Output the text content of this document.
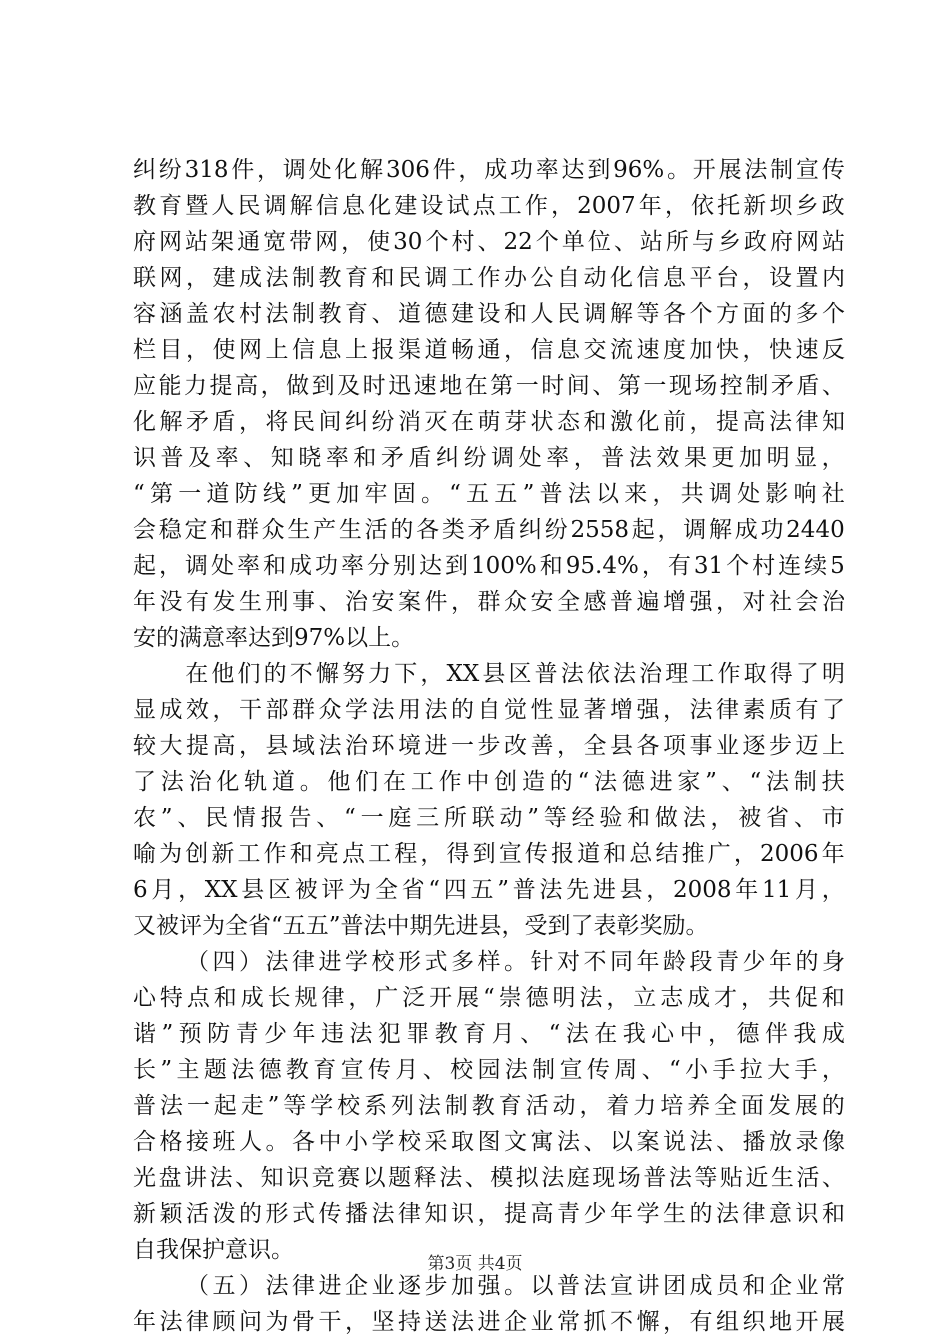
纠 纷 318 件 ， 调 处 化 解 306 件 ， 成 功 率 达 到 96% 。 开 展 法 制 宣 传
教 育 暨 人 民 调 解 信 息 化 建 设 试 点 工 作 ， 2007 年 ， 依 托 新 坝 乡 政
府 网 站 架 通 宽 带 网 ， 使 30 个 村 、 22 个 单 位 、 站 所 与 乡 政 府 网 站
联 网 ， 建 成 法 制 教 育 和 民 调 工 作 办 公 自 动 化 信 息 平 台 ， 设 置 内
容 涵 盖 农 村 法 制 教 育 、 道 德 建 设 和 人 民 调 解 等 各 个 方 面 的 多 个
栏 目 ， 使 网 上 信 息 上 报 渠 道 畅 通 ， 信 息 交 流 速 度 加 快 ， 快 速 反
应 能 力 提 高 ， 做 到 及 时 迅 速 地 在 第 一 时 间 、 第 一 现 场 控 制 矛 盾 、
化 解 矛 盾 ， 将 民 间 纠 纷 消 灭 在 萌 芽 状 态 和 激 化 前 ， 提 高 法 律 知
识 普 及 率 、 知 晓 率 和 矛 盾 纠 纷 调 处 率 ， 普 法 效 果 更 加 明 显 ，
“ 第 一 道 防 线 ” 更 加 牢 固 。 “ 五 五 ” 普 法 以 来 ， 共 调 处 影 响 社
会 稳 定 和 群 众 生 产 生 活 的 各 类 矛 盾 纠 纷 2558 起 ， 调 解 成 功 2440
起 ， 调 处 率 和 成 功 率 分 别 达 到 100% 和 95.4% ， 有 31 个 村 连 续 5
年 没 有 发 生 刑 事 、 治 安 案 件 ， 群 众 安 全 感 普 遍 增 强 ， 对 社 会 治
安的满意率达到97%以上。

在 他 们 的 不 懈 努 力 下 ， XX 县 区 普 法 依 法 治 理 工 作 取 得 了 明
显 成 效 ， 干 部 群 众 学 法 用 法 的 自 觉 性 显 著 增 强 ， 法 律 素 质 有 了
较 大 提 高 ， 县 域 法 治 环 境 进 一 步 改 善 ， 全 县 各 项 事 业 逐 步 迈 上
了 法 治 化 轨 道 。 他 们 在 工 作 中 创 造 的 “ 法 德 进 家 ” 、 “ 法 制 扶
农 ” 、 民 情 报 告 、 “ 一 庭 三 所 联 动 ” 等 经 验 和 做 法 ， 被 省 、 市
喻 为 创 新 工 作 和 亮 点 工 程 ， 得 到 宣 传 报 道 和 总 结 推 广 ， 2006 年
6 月 ， XX 县 区 被 评 为 全 省 “ 四 五 ” 普 法 先 进 县 ， 2008 年 11 月 ，
又被评为全省“五五”普法中期先进县，受到了表彰奖励。

（ 四 ） 法 律 进 学 校 形 式 多 样 。 针 对 不 同 年 龄 段 青 少 年 的 身
心 特 点 和 成 长 规 律 ， 广 泛 开 展 “ 崇 德 明 法 ， 立 志 成 才 ， 共 促 和
谐 ” 预 防 青 少 年 违 法 犯 罪 教 育 月 、 “ 法 在 我 心 中 ， 德 伴 我 成
长 ” 主 题 法 德 教 育 宣 传 月 、 校 园 法 制 宣 传 周 、 “ 小 手 拉 大 手 ，
普 法 一 起 走 ” 等 学 校 系 列 法 制 教 育 活 动 ， 着 力 培 养 全 面 发 展 的
合 格 接 班 人 。 各 中 小 学 校 采 取 图 文 寓 法 、 以 案 说 法 、 播 放 录 像
光 盘 讲 法 、 知 识 竞 赛 以 题 释 法 、 模 拟 法 庭 现 场 普 法 等 贴 近 生 活 、
新 颖 活 泼 的 形 式 传 播 法 律 知 识 ， 提 高 青 少 年 学 生 的 法 律 意 识 和
自我保护意识。

（ 五 ） 法 律 进 企 业 逐 步 加 强 。 以 普 法 宣 讲 团 成 员 和 企 业 常
年 法 律 顾 问 为 骨 干 ， 坚 持 送 法 进 企 业 常 抓 不 懈 ， 有 组 织 地 开 展
第3页 共4页
